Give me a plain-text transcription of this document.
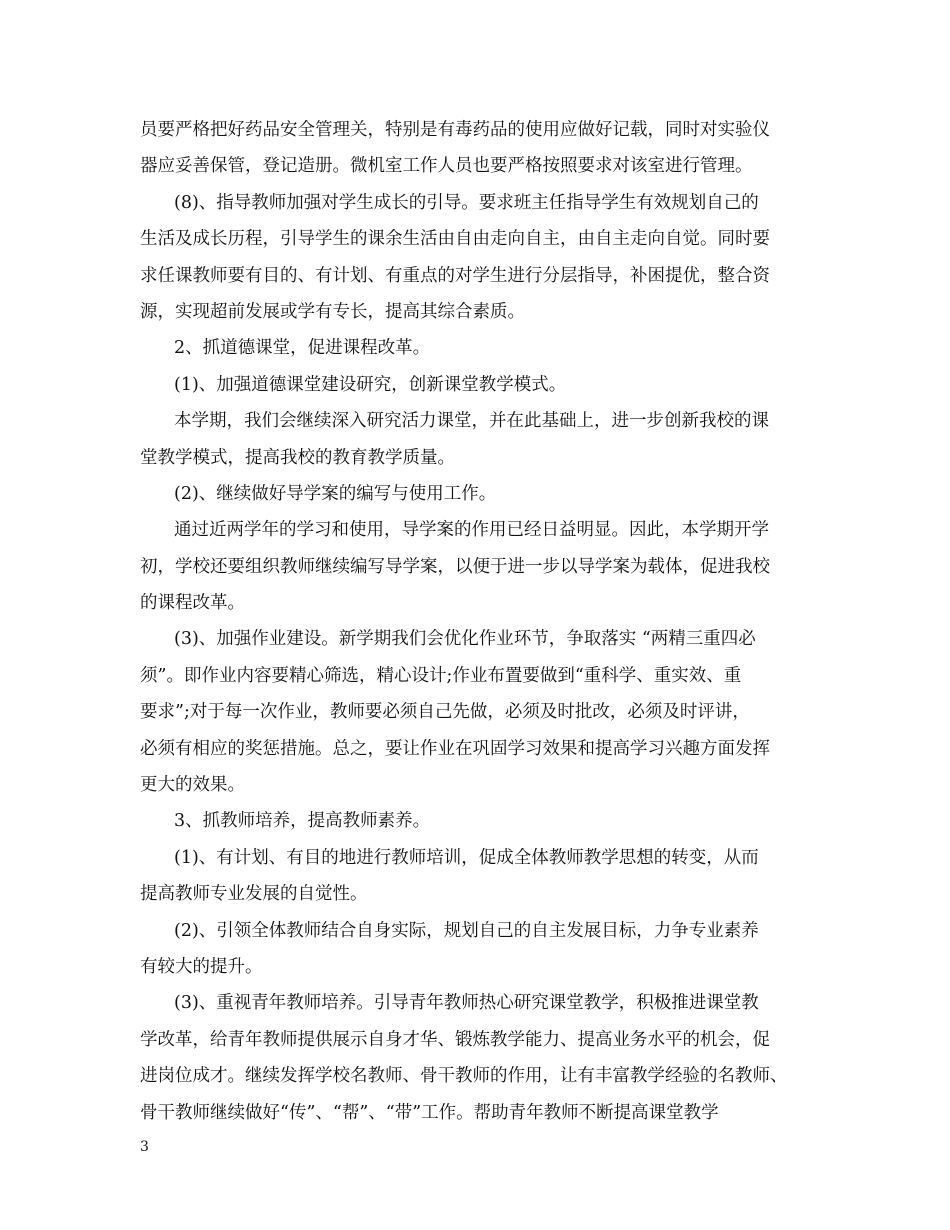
员要严格把好药品安全管理关，特别是有毒药品的使用应做好记载，同时对实验仪
器应妥善保管，登记造册。微机室工作人员也要严格按照要求对该室进行管理。
(8)、指导教师加强对学生成长的引导。要求班主任指导学生有效规划自己的
生活及成长历程，引导学生的课余生活由自由走向自主，由自主走向自觉。同时要
求任课教师要有目的、有计划、有重点的对学生进行分层指导，补困提优，整合资
源，实现超前发展或学有专长，提高其综合素质。
2、抓道德课堂，促进课程改革。
(1)、加强道德课堂建设研究，创新课堂教学模式。
本学期，我们会继续深入研究活力课堂，并在此基础上，进一步创新我校的课
堂教学模式，提高我校的教育教学质量。
(2)、继续做好导学案的编写与使用工作。
通过近两学年的学习和使用，导学案的作用已经日益明显。因此，本学期开学
初，学校还要组织教师继续编写导学案，以便于进一步以导学案为载体，促进我校
的课程改革。
(3)、加强作业建设。新学期我们会优化作业环节，争取落实 “两精三重四必
须”。即作业内容要精心筛选，精心设计;作业布置要做到“重科学、重实效、重
要求”;对于每一次作业，教师要必须自己先做，必须及时批改，必须及时评讲，
必须有相应的奖惩措施。总之，要让作业在巩固学习效果和提高学习兴趣方面发挥
更大的效果。
3、抓教师培养，提高教师素养。
(1)、有计划、有目的地进行教师培训，促成全体教师教学思想的转变，从而
提高教师专业发展的自觉性。
(2)、引领全体教师结合自身实际，规划自己的自主发展目标，力争专业素养
有较大的提升。
(3)、重视青年教师培养。引导青年教师热心研究课堂教学，积极推进课堂教
学改革，给青年教师提供展示自身才华、锻炼教学能力、提高业务水平的机会，促
进岗位成才。继续发挥学校名教师、骨干教师的作用，让有丰富教学经验的名教师、
骨干教师继续做好“传”、“帮”、“带”工作。帮助青年教师不断提高课堂教学
3
